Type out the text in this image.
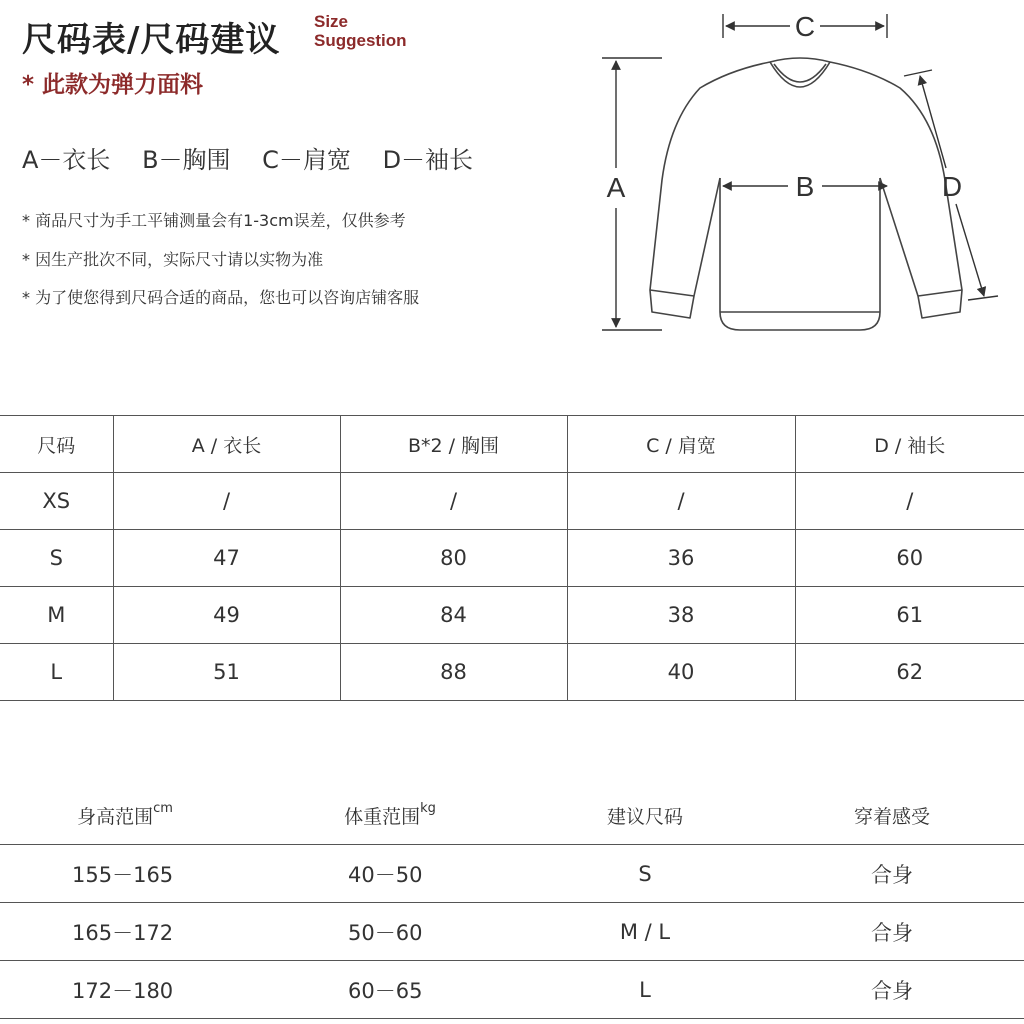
尺码表/尺码建议 Size
Suggestion
* 此款为弹力面料
A－衣长 B－胸围 C－肩宽 D－袖长
* 商品尺寸为手工平铺测量会有1-3cm误差，仅供参考
* 因生产批次不同，实际尺寸请以实物为准
* 为了使您得到尺码合适的商品，您也可以咨询店铺客服
C
A	B	D
尺码	A / 衣长	B*2 / 胸围	C / 肩宽	D / 袖长
XS	/	/	/	/
S	47	80	36	60
M	49	84	38	61
L	51	88	40	62
身高范围$^{cm}$	体重范围$^{kg}$	建议尺码	穿着感受
155－165	40－50	S	合身
165－172	50－60	M / L	合身
172－180	60－65	L	合身
